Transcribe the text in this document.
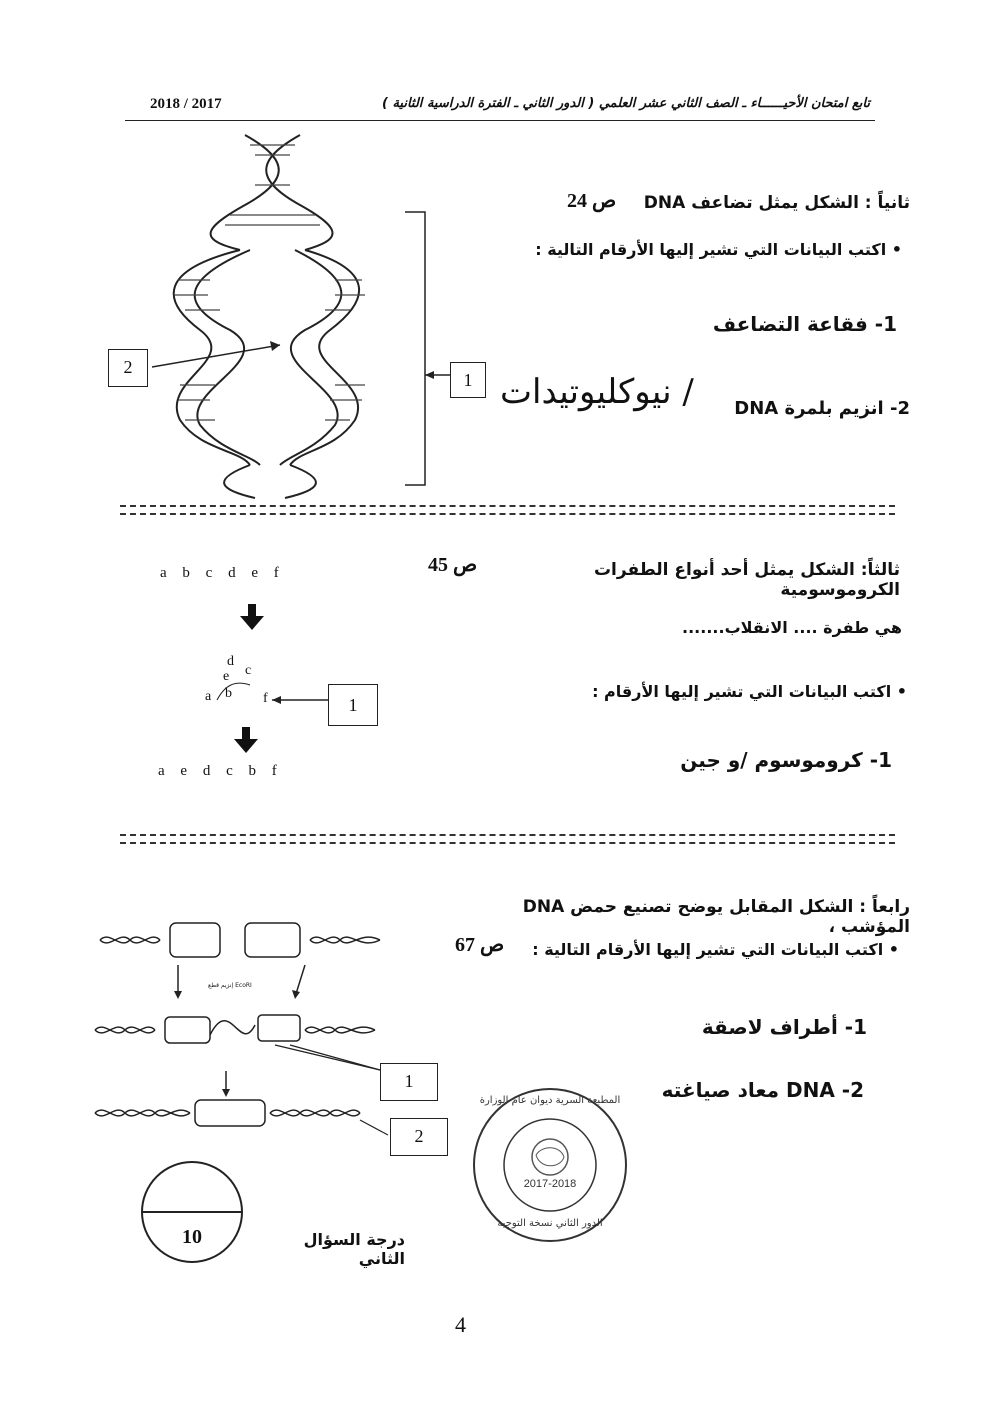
2018 / 2017	تابع امتحان الأحيــــــاء ـ الصف الثاني عشر العلمي ( الدور الثاني ـ الفترة الدراسية الثانية )
2
1
ثانياً : الشكل يمثل تضاعف DNA
ص 24
• اكتب البيانات التي تشير إليها الأرقام التالية :
1- فقاعة التضاعف
2- انزيم بلمرة DNA
/ نيوكليوتيدات
a b c d e f
d
e c
a b f	1
a e d c b f
ثالثاً: الشكل يمثل أحد أنواع الطفرات الكروموسومية
ص 45
هي طفرة .... الانقلاب.......
• اكتب البيانات التي تشير إليها الأرقام :
1- كروموسوم /و جين
إنزيم قطع EcoRI
1
2
رابعاً : الشكل المقابل يوضح تصنيع حمض DNA المؤشب ،
• اكتب البيانات التي تشير إليها الأرقام التالية :
ص 67
1- أطراف لاصقة
2- DNA معاد صياغته
10	درجة السؤال الثاني
المطبعة السرية ديوان عام الوزارة
الدور الثاني نسخة التوجيه
2017-2018
4
